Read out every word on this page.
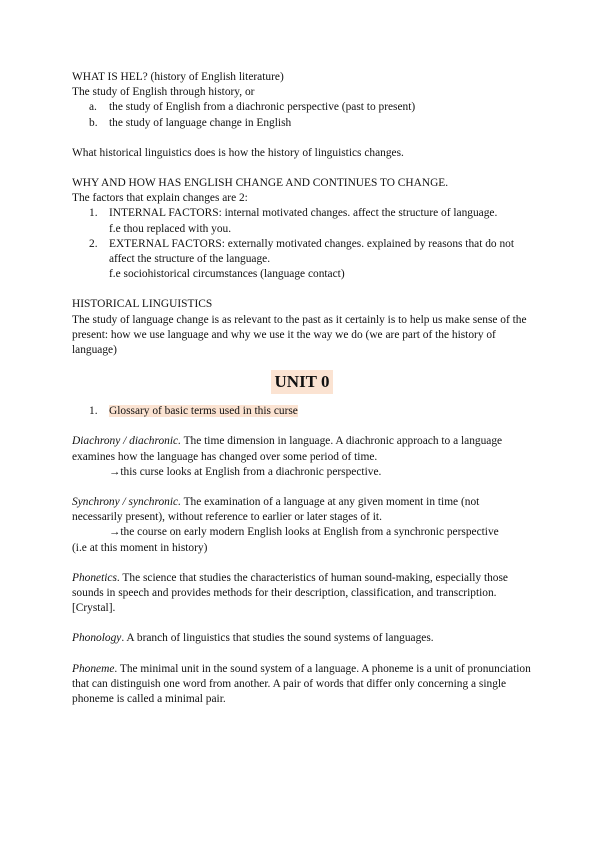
WHAT IS HEL? (history of English literature)

The study of English through history, or

a. the study of English from a diachronic perspective (past to present)
b. the study of language change in English

What historical linguistics does is how the history of linguistics changes.

WHY AND HOW HAS ENGLISH CHANGE AND CONTINUES TO CHANGE.

The factors that explain changes are 2:

1. INTERNAL FACTORS: internal motivated changes. affect the structure of language.
f.e thou replaced with you.
2. EXTERNAL FACTORS: externally motivated changes. explained by reasons that do not affect the structure of the language.
f.e sociohistorical circumstances (language contact)

HISTORICAL LINGUISTICS

The study of language change is as relevant to the past as it certainly is to help us make sense of the present: how we use language and why we use it the way we do (we are part of the history of language)

UNIT 0
1. Glossary of basic terms used in this curse

Diachrony / diachronic. The time dimension in language. A diachronic approach to a language examines how the language has changed over some period of time.

→this curse looks at English from a diachronic perspective.

Synchrony / synchronic. The examination of a language at any given moment in time (not necessarily present), without reference to earlier or later stages of it.

→the course on early modern English looks at English from a synchronic perspective

(i.e at this moment in history)

Phonetics. The science that studies the characteristics of human sound-making, especially those sounds in speech and provides methods for their description, classification, and transcription. [Crystal].

Phonology. A branch of linguistics that studies the sound systems of languages.

Phoneme. The minimal unit in the sound system of a language. A phoneme is a unit of pronunciation that can distinguish one word from another. A pair of words that differ only concerning a single phoneme is called a minimal pair.
